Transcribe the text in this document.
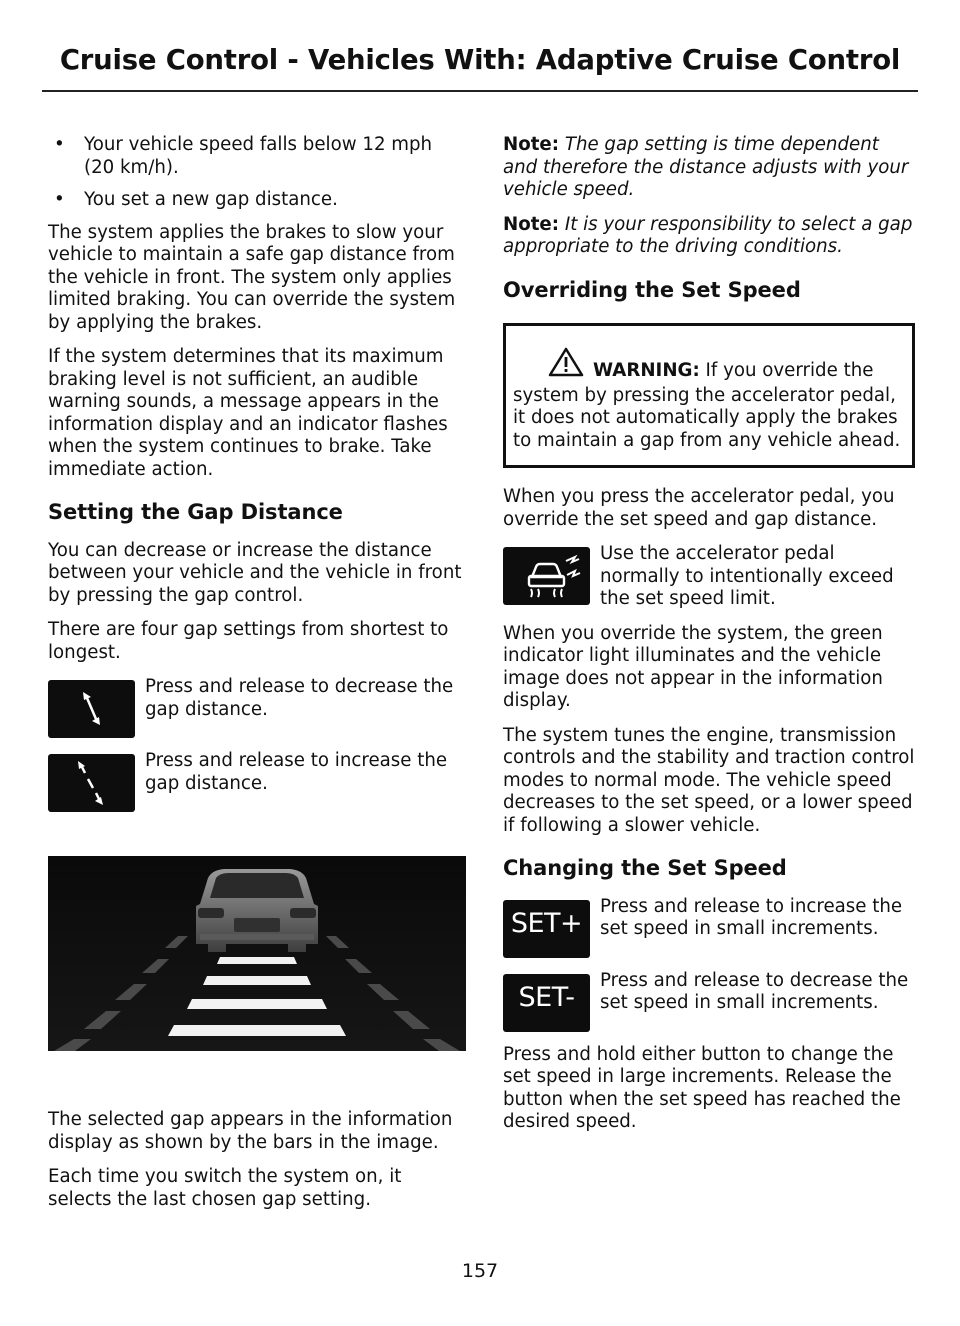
Cruise Control - Vehicles With: Adaptive Cruise Control
• Your vehicle speed falls below 12 mph (20 km/h).
• You set a new gap distance.

The system applies the brakes to slow your vehicle to maintain a safe gap distance from the vehicle in front. The system only applies limited braking. You can override the system by applying the brakes.

If the system determines that its maximum braking level is not sufficient, an audible warning sounds, a message appears in the information display and an indicator flashes when the system continues to brake. Take immediate action.

Setting the Gap Distance

You can decrease or increase the distance between your vehicle and the vehicle in front by pressing the gap control.

There are four gap settings from shortest to longest.

Press and release to decrease the gap distance.
Press and release to increase the gap distance.

The selected gap appears in the information display as shown by the bars in the image.

Each time you switch the system on, it selects the last chosen gap setting.

Note: The gap setting is time dependent and therefore the distance adjusts with your vehicle speed.

Note: It is your responsibility to select a gap appropriate to the driving conditions.

Overriding the Set Speed
WARNING: If you override the system by pressing the accelerator pedal, it does not automatically apply the brakes to maintain a gap from any vehicle ahead.

When you press the accelerator pedal, you override the set speed and gap distance.

Use the accelerator pedal normally to intentionally exceed the set speed limit.

When you override the system, the green indicator light illuminates and the vehicle image does not appear in the information display.

The system tunes the engine, transmission controls and the stability and traction control modes to normal mode. The vehicle speed decreases to the set speed, or a lower speed if following a slower vehicle.

Changing the Set Speed
SET+
Press and release to increase the set speed in small increments.
SET-
Press and release to decrease the set speed in small increments.

Press and hold either button to change the set speed in large increments. Release the button when the set speed has reached the desired speed.

157
